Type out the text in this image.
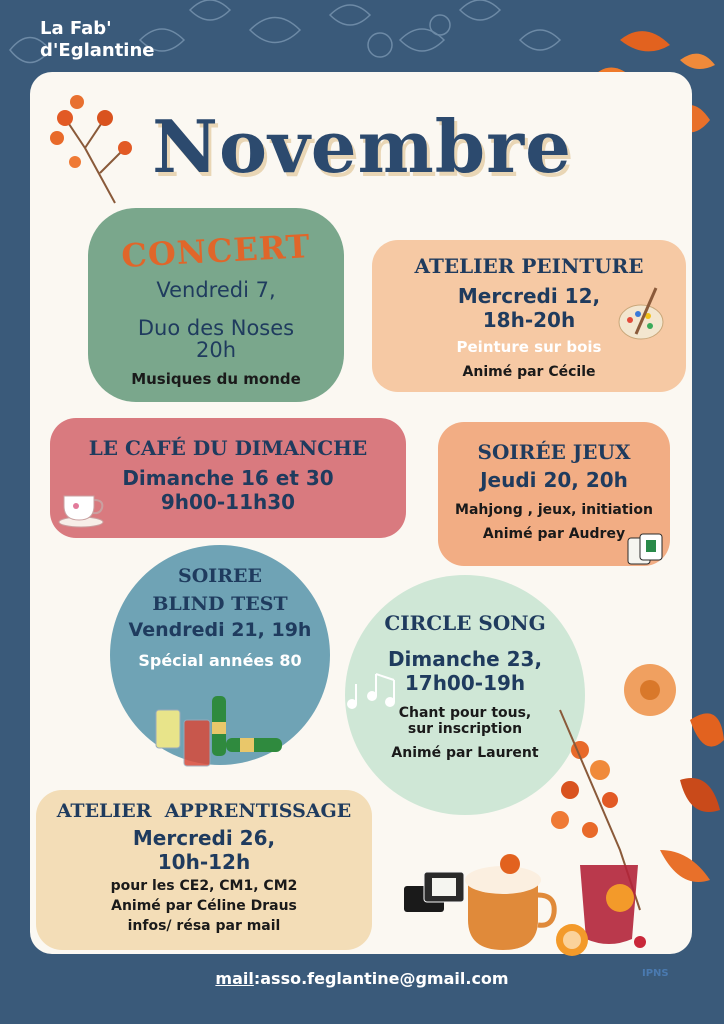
La Fab'
d'Eglantine
Novembre
CONCERT
Vendredi 7,
Duo des Noses
20h
Musiques du monde
ATELIER PEINTURE
Mercredi 12,
18h-20h
Peinture sur bois
Animé par Cécile
LE CAFÉ DU DIMANCHE
Dimanche 16 et 30
9h00-11h30
SOIRÉE JEUX
Jeudi 20, 20h
Mahjong , jeux, initiation
Animé par Audrey
SOIREE
BLIND TEST
Vendredi 21, 19h
Spécial années 80
CIRCLE SONG
Dimanche 23,
17h00-19h
Chant pour tous,
sur inscription
Animé par Laurent
ATELIER  APPRENTISSAGE
Mercredi 26,
10h-12h
pour les CE2, CM1, CM2
Animé par Céline Draus
infos/ résa par mail
IPNS
mail:asso.feglantine@gmail.com
